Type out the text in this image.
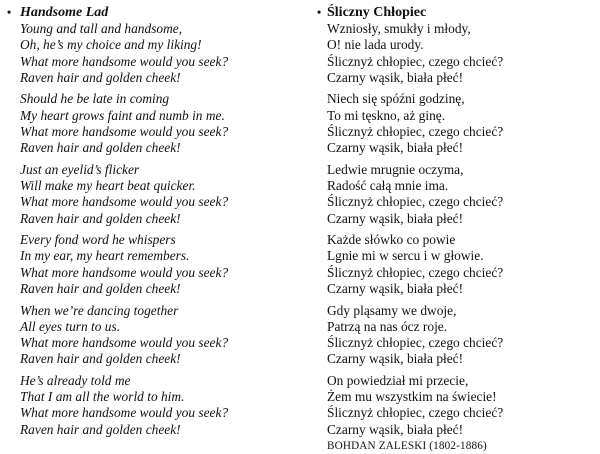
• Handsome Lad
Young and tall and handsome,
Oh, he’s my choice and my liking!
What more handsome would you seek?
Raven hair and golden cheek!
Should he be late in coming
My heart grows faint and numb in me.
What more handsome would you seek?
Raven hair and golden cheek!
Just an eyelid’s flicker
Will make my heart beat quicker.
What more handsome would you seek?
Raven hair and golden cheek!
Every fond word he whispers
In my ear, my heart remembers.
What more handsome would you seek?
Raven hair and golden cheek!
When we’re dancing together
All eyes turn to us.
What more handsome would you seek?
Raven hair and golden cheek!
He’s already told me
That I am all the world to him.
What more handsome would you seek?
Raven hair and golden cheek!
• Śliczny Chłopiec
Wzniosły, smukły i młody,
O! nie lada urody.
Ślicznyż chłopiec, czego chcieć?
Czarny wąsik, biała płeć!
Niech się spóźni godzinę,
To mi tęskno, aż ginę.
Ślicznyż chłopiec, czego chcieć?
Czarny wąsik, biała płeć!
Ledwie mrugnie oczyma,
Radość całą mnie ima.
Ślicznyż chłopiec, czego chcieć?
Czarny wąsik, biała płeć!
Każde słówko co powie
Lgnie mi w sercu i w głowie.
Ślicznyż chłopiec, czego chcieć?
Czarny wąsik, biała płeć!
Gdy pląsamy we dwoje,
Patrzą na nas ócz roje.
Ślicznyż chłopiec, czego chcieć?
Czarny wąsik, biała płeć!
On powiedział mi przecie,
Żem mu wszystkim na świecie!
Ślicznyż chłopiec, czego chcieć?
Czarny wąsik, biała płeć!
BOHDAN ZALESKI (1802-1886)
